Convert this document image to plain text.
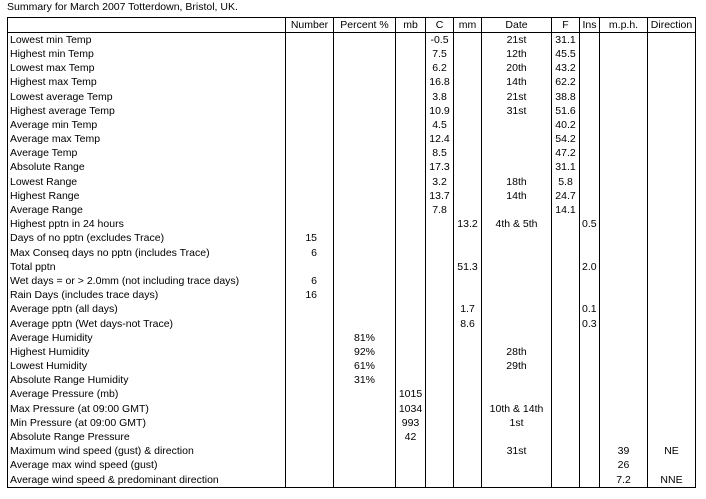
Summary for March 2007 Totterdown, Bristol, UK.
	Number	Percent %	mb	C	mm	Date	F	Ins	m.p.h.	Direction
Lowest min Temp				-0.5		21st	31.1			
Highest min Temp				7.5		12th	45.5			
Lowest max Temp				6.2		20th	43.2			
Highest max Temp				16.8		14th	62.2			
Lowest average Temp				3.8		21st	38.8			
Highest average Temp				10.9		31st	51.6			
Average min Temp				4.5			40.2			
Average max Temp				12.4			54.2			
Average Temp				8.5			47.2			
Absolute Range				17.3			31.1			
Lowest Range				3.2		18th	5.8			
Highest Range				13.7		14th	24.7			
Average Range				7.8			14.1			
Highest pptn in 24 hours					13.2	4th & 5th		0.5		
Days of no pptn (excludes Trace)	15									
Max Conseq days no pptn (includes Trace)	6									
Total pptn					51.3			2.0		
Wet days = or > 2.0mm (not including trace days)	6									
Rain Days (includes trace days)	16									
Average pptn (all days)					1.7			0.1		
Average pptn (Wet days-not Trace)					8.6			0.3		
Average Humidity		81%								
Highest Humidity		92%				28th				
Lowest Humidity		61%				29th				
Absolute Range Humidity		31%								
Average Pressure (mb)			1015							
Max Pressure (at 09:00 GMT)			1034			10th & 14th				
Min Pressure (at 09:00 GMT)			993			1st				
Absolute Range Pressure			42							
Maximum wind speed (gust) & direction						31st			39	NE
Average max wind speed (gust)									26	
Average wind speed & predominant direction									7.2	NNE
